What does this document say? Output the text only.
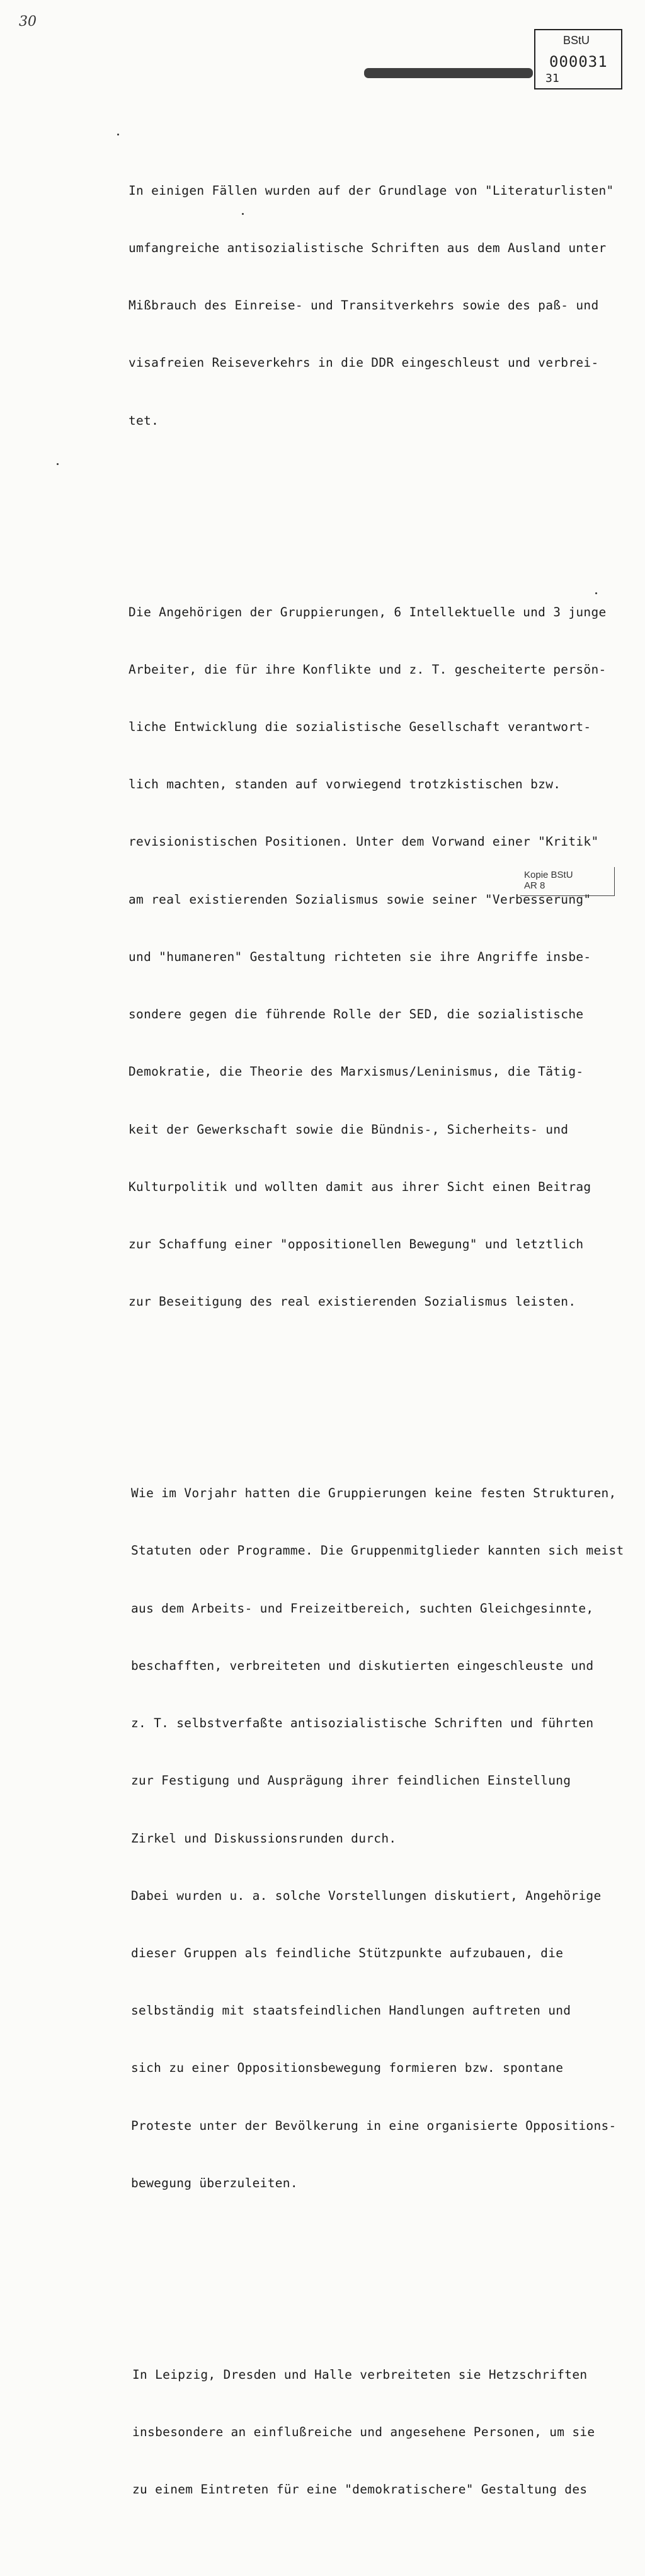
30
BStU
000031
31

In einigen Fällen wurden auf der Grundlage von "Literaturlisten"

umfangreiche antisozialistische Schriften aus dem Ausland unter

Mißbrauch des Einreise- und Transitverkehrs sowie des paß- und

visafreien Reiseverkehrs in die DDR eingeschleust und verbrei-

tet.

Die Angehörigen der Gruppierungen, 6 Intellektuelle und 3 junge

Arbeiter, die für ihre Konflikte und z. T. gescheiterte persön-

liche Entwicklung die sozialistische Gesellschaft verantwort-

lich machten, standen auf vorwiegend trotzkistischen bzw.

revisionistischen Positionen. Unter dem Vorwand einer "Kritik"

am real existierenden Sozialismus sowie seiner "Verbesserung"

und "humaneren" Gestaltung richteten sie ihre Angriffe insbe-

sondere gegen die führende Rolle der SED, die sozialistische

Demokratie, die Theorie des Marxismus/Leninismus, die Tätig-

keit der Gewerkschaft sowie die Bündnis-, Sicherheits- und

Kulturpolitik und wollten damit aus ihrer Sicht einen Beitrag

zur Schaffung einer "oppositionellen Bewegung" und letztlich

zur Beseitigung des real existierenden Sozialismus leisten.

Wie im Vorjahr hatten die Gruppierungen keine festen Strukturen,

Statuten oder Programme. Die Gruppenmitglieder kannten sich meist

aus dem Arbeits- und Freizeitbereich, suchten Gleichgesinnte,

beschafften, verbreiteten und diskutierten eingeschleuste und

z. T. selbstverfaßte antisozialistische Schriften und führten

zur Festigung und Ausprägung ihrer feindlichen Einstellung

Zirkel und Diskussionsrunden durch.

Dabei wurden u. a. solche Vorstellungen diskutiert, Angehörige

dieser Gruppen als feindliche Stützpunkte aufzubauen, die

selbständig mit staatsfeindlichen Handlungen auftreten und

sich zu einer Oppositionsbewegung formieren bzw. spontane

Proteste unter der Bevölkerung in eine organisierte Oppositions-

bewegung überzuleiten.

In Leipzig, Dresden und Halle verbreiteten sie Hetzschriften

insbesondere an einflußreiche und angesehene Personen, um sie

zu einem Eintreten für eine "demokratischere" Gestaltung des

Kopie BStU
AR 8
